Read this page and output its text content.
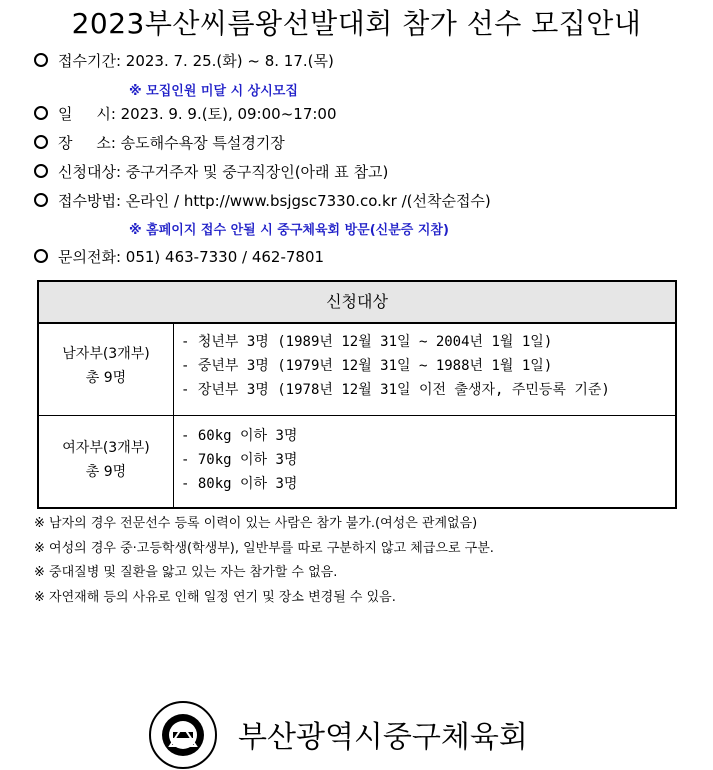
2023부산씨름왕선발대회 참가 선수 모집안내
접수기간: 2023. 7. 25.(화) ~ 8. 17.(목)
※ 모집인원 미달 시 상시모집
일     시: 2023. 9. 9.(토), 09:00~17:00
장     소: 송도해수욕장 특설경기장
신청대상: 중구거주자 및 중구직장인(아래 표 참고)
접수방법: 온라인 / http://www.bsjgsc7330.co.kr /(선착순접수)
※ 홈페이지 접수 안될 시 중구체육회 방문(신분증 지참)
문의전화: 051) 463-7330 / 462-7801
신청대상
남자부(3개부)
총 9명
- 청년부 3명 (1989년 12월 31일 ~ 2004년 1월 1일)
- 중년부 3명 (1979년 12월 31일 ~ 1988년 1월 1일)
- 장년부 3명 (1978년 12월 31일 이전 출생자, 주민등록 기준)
여자부(3개부)
총 9명
- 60kg 이하 3명
- 70kg 이하 3명
- 80kg 이하 3명
※ 남자의 경우 전문선수 등록 이력이 있는 사람은 참가 불가.(여성은 관계없음)
※ 여성의 경우 중·고등학생(학생부), 일반부를 따로 구분하지 않고 체급으로 구분.
※ 중대질병 및 질환을 앓고 있는 자는 참가할 수 없음.
※ 자연재해 등의 사유로 인해 일정 연기 및 장소 변경될 수 있음.
부산광역시중구체육회
